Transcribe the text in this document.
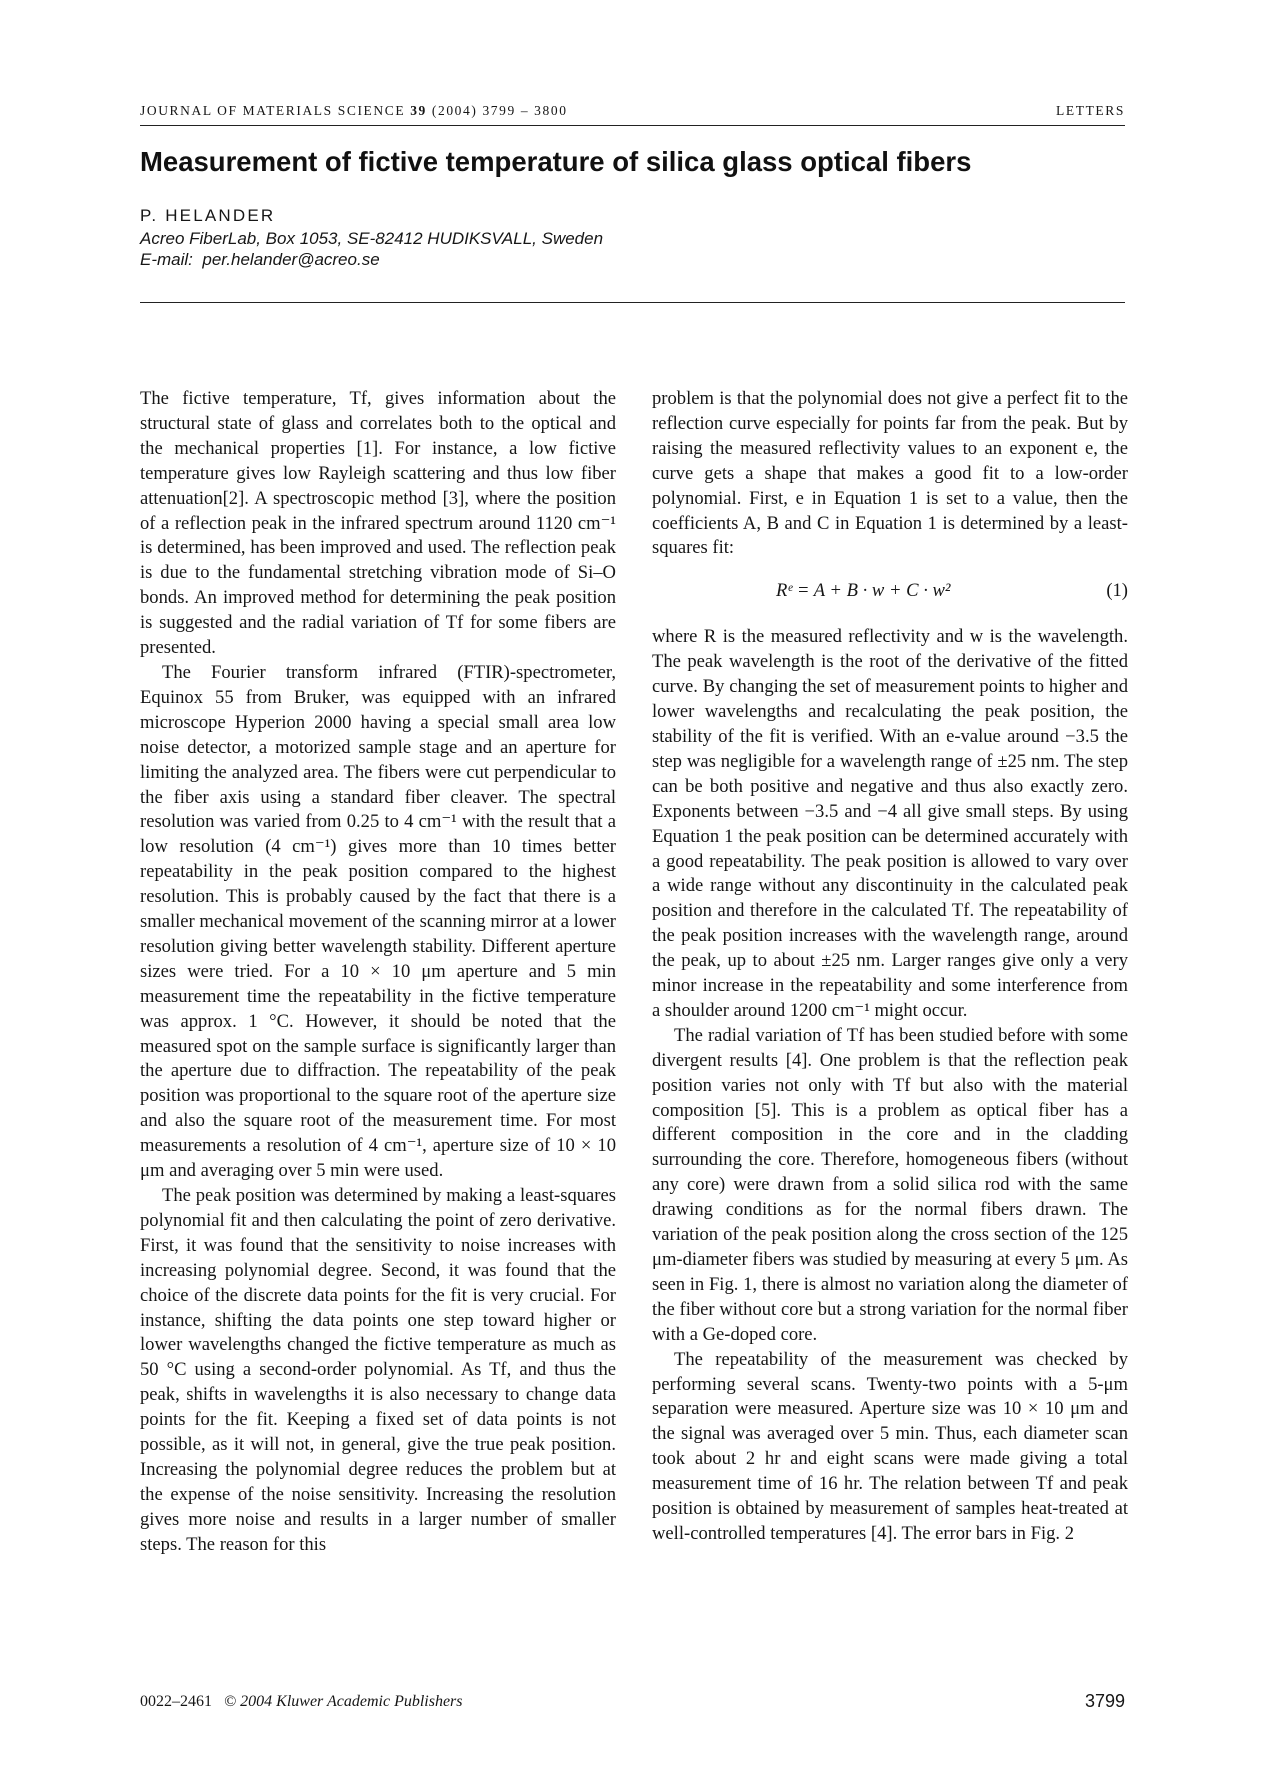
JOURNAL OF MATERIALS SCIENCE 39 (2004) 3799 – 3800	LETTERS
Measurement of fictive temperature of silica glass optical fibers
P. HELANDER
Acreo FiberLab, Box 1053, SE-82412 HUDIKSVALL, Sweden
E-mail: per.helander@acreo.se

The fictive temperature, Tf, gives information about the structural state of glass and correlates both to the optical and the mechanical properties [1]. For instance, a low fictive temperature gives low Rayleigh scattering and thus low fiber attenuation[2]. A spectroscopic method [3], where the position of a reflection peak in the infrared spectrum around 1120 cm⁻¹ is determined, has been improved and used. The reflection peak is due to the fundamental stretching vibration mode of Si–O bonds. An improved method for determining the peak position is suggested and the radial variation of Tf for some fibers are presented.

The Fourier transform infrared (FTIR)-spectrometer, Equinox 55 from Bruker, was equipped with an infrared microscope Hyperion 2000 having a special small area low noise detector, a motorized sample stage and an aperture for limiting the analyzed area. The fibers were cut perpendicular to the fiber axis using a standard fiber cleaver. The spectral resolution was varied from 0.25 to 4 cm⁻¹ with the result that a low resolution (4 cm⁻¹) gives more than 10 times better repeatability in the peak position compared to the highest resolution. This is probably caused by the fact that there is a smaller mechanical movement of the scanning mirror at a lower resolution giving better wavelength stability. Different aperture sizes were tried. For a 10 × 10 μm aperture and 5 min measurement time the repeatability in the fictive temperature was approx. 1 °C. However, it should be noted that the measured spot on the sample surface is significantly larger than the aperture due to diffraction. The repeatability of the peak position was proportional to the square root of the aperture size and also the square root of the measurement time. For most measurements a resolution of 4 cm⁻¹, aperture size of 10 × 10 μm and averaging over 5 min were used.

The peak position was determined by making a least-squares polynomial fit and then calculating the point of zero derivative. First, it was found that the sensitivity to noise increases with increasing polynomial degree. Second, it was found that the choice of the discrete data points for the fit is very crucial. For instance, shifting the data points one step toward higher or lower wavelengths changed the fictive temperature as much as 50 °C using a second-order polynomial. As Tf, and thus the peak, shifts in wavelengths it is also necessary to change data points for the fit. Keeping a fixed set of data points is not possible, as it will not, in general, give the true peak position. Increasing the polynomial degree reduces the problem but at the expense of the noise sensitivity. Increasing the resolution gives more noise and results in a larger number of smaller steps. The reason for this

problem is that the polynomial does not give a perfect fit to the reflection curve especially for points far from the peak. But by raising the measured reflectivity values to an exponent e, the curve gets a shape that makes a good fit to a low-order polynomial. First, e in Equation 1 is set to a value, then the coefficients A, B and C in Equation 1 is determined by a least-squares fit:

Rᵉ = A + B · w + C · w²	(1)

where R is the measured reflectivity and w is the wavelength. The peak wavelength is the root of the derivative of the fitted curve. By changing the set of measurement points to higher and lower wavelengths and recalculating the peak position, the stability of the fit is verified. With an e-value around −3.5 the step was negligible for a wavelength range of ±25 nm. The step can be both positive and negative and thus also exactly zero. Exponents between −3.5 and −4 all give small steps. By using Equation 1 the peak position can be determined accurately with a good repeatability. The peak position is allowed to vary over a wide range without any discontinuity in the calculated peak position and therefore in the calculated Tf. The repeatability of the peak position increases with the wavelength range, around the peak, up to about ±25 nm. Larger ranges give only a very minor increase in the repeatability and some interference from a shoulder around 1200 cm⁻¹ might occur.

The radial variation of Tf has been studied before with some divergent results [4]. One problem is that the reflection peak position varies not only with Tf but also with the material composition [5]. This is a problem as optical fiber has a different composition in the core and in the cladding surrounding the core. Therefore, homogeneous fibers (without any core) were drawn from a solid silica rod with the same drawing conditions as for the normal fibers drawn. The variation of the peak position along the cross section of the 125 μm-diameter fibers was studied by measuring at every 5 μm. As seen in Fig. 1, there is almost no variation along the diameter of the fiber without core but a strong variation for the normal fiber with a Ge-doped core.

The repeatability of the measurement was checked by performing several scans. Twenty-two points with a 5-μm separation were measured. Aperture size was 10 × 10 μm and the signal was averaged over 5 min. Thus, each diameter scan took about 2 hr and eight scans were made giving a total measurement time of 16 hr. The relation between Tf and peak position is obtained by measurement of samples heat-treated at well-controlled temperatures [4]. The error bars in Fig. 2

0022–2461 © 2004 Kluwer Academic Publishers	3799
